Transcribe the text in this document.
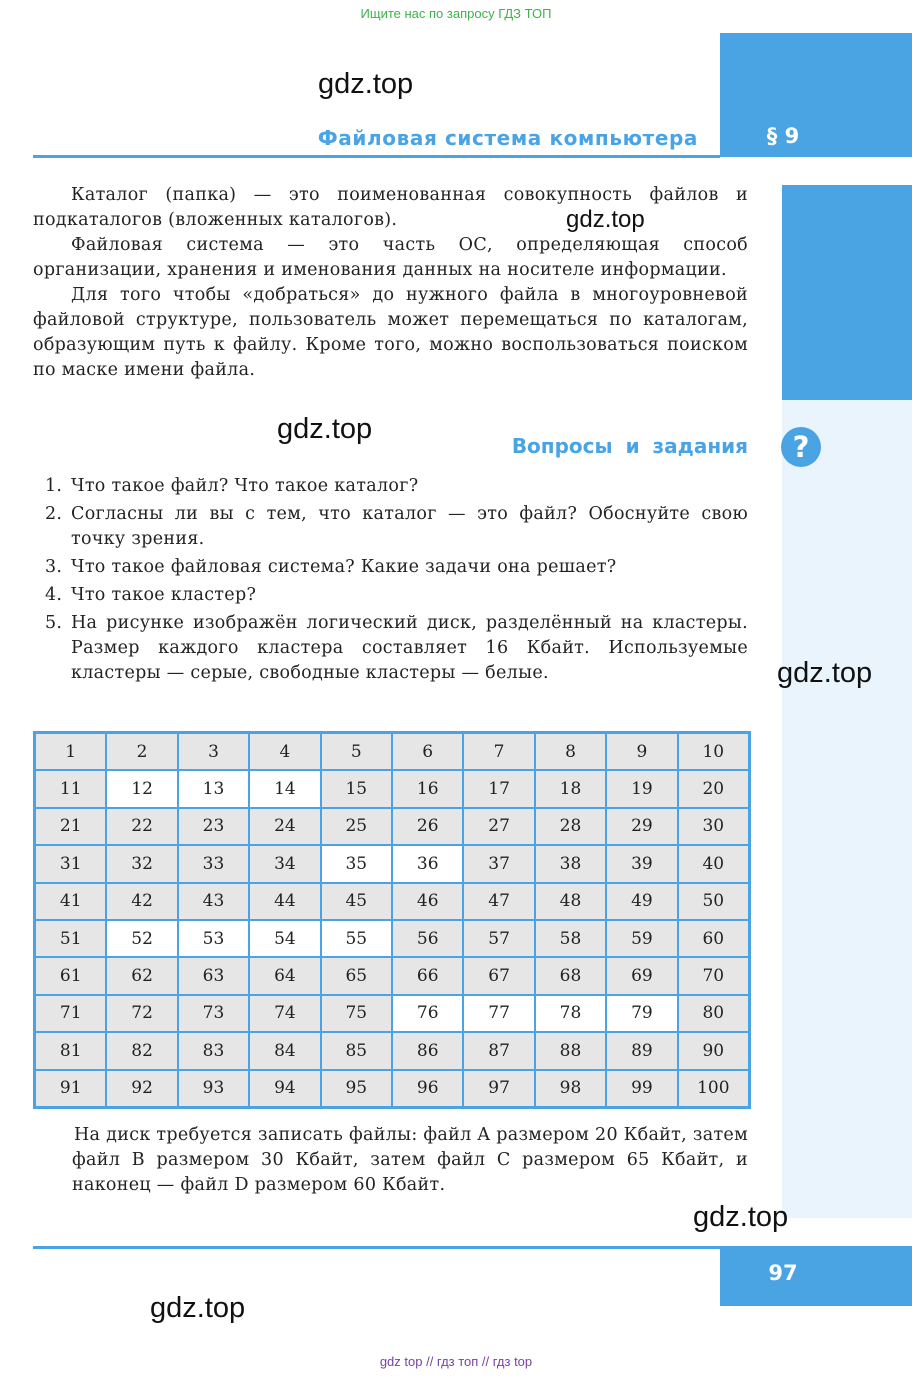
Ищите нас по запросу ГДЗ ТОП
§ 9
Файловая система компьютера
gdz.top
gdz.top
gdz.top
gdz.top
gdz.top
gdz.top

Каталог (папка) — это поименованная совокупность файлов и подкаталогов (вложенных каталогов).

Файловая система — это часть ОС, определяющая способ организации, хранения и именования данных на носителе информации.

Для того чтобы «добраться» до нужного файла в многоуровневой файловой структуре, пользователь может перемещаться по каталогам, образующим путь к файлу. Кроме того, можно воспользоваться поиском по маске имени файла.

Вопросы и задания	?
1. Что такое файл? Что такое каталог?
2. Согласны ли вы с тем, что каталог — это файл? Обоснуйте свою точку зрения.
3. Что такое файловая система? Какие задачи она решает?
4. Что такое кластер?
5. На рисунке изображён логический диск, разделённый на кластеры. Размер каждого кластера составляет 16 Кбайт. Используемые кластеры — серые, свободные кластеры — белые.
1	2	3	4	5	6	7	8	9	10
11	12	13	14	15	16	17	18	19	20
21	22	23	24	25	26	27	28	29	30
31	32	33	34	35	36	37	38	39	40
41	42	43	44	45	46	47	48	49	50
51	52	53	54	55	56	57	58	59	60
61	62	63	64	65	66	67	68	69	70
71	72	73	74	75	76	77	78	79	80
81	82	83	84	85	86	87	88	89	90
91	92	93	94	95	96	97	98	99	100
На диск требуется записать файлы: файл A размером 20 Кбайт, затем файл B размером 30 Кбайт, затем файл C размером 65 Кбайт, и наконец — файл D размером 60 Кбайт.
97
gdz top // гдз топ // гдз top
